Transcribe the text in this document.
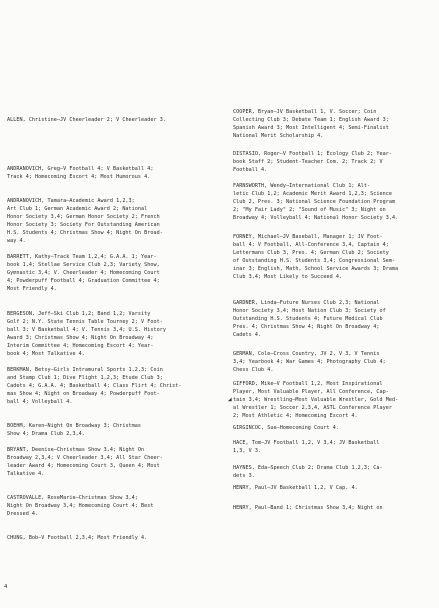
ALLEN, Christine—JV Cheerleader 2; V Cheerleader 3.
ANDRANOVICH, Greg—V Football 4; V Basketball 4;
Track 4; Homecoming Escort 4; Most Humorous 4.
ANDRANOVICH, Tamara—Academic Award 1,2,3;
Art Club 1; German Academic Award 2; National
Honor Society 3,4; German Honor Society 2; French
Honor Society 3; Society For Outstanding American
H.S. Students 4; Christmas Show 4; Night On Broad-
way 4.
BARRETT, Kathy—Track Team 1,2,4; G.A.A. 1; Year-
book 1,4; Stellae Service Club 2,3; Variety Show,
Gymnastic 3,4; V. Cheerleader 4; Homecoming Court
4; Powderpuff Football 4; Graduation Committee 4;
Most Friendly 4.
BERGESON, Jeff—Ski Club 1,2; Band 1,2; Varsity
Golf 2; N.Y. State Tennis Table Tourney 2; V Foot-
ball 3; V Basketball 4; V. Tennis 3,4; U.S. History
Award 3; Christmas Show 4; Night On Broadway 4;
Interim Committee 4; Homecoming Escort 4; Year-
book 4; Most Talkative 4.
BERKMAN, Betsy—Girls Intramural Sports 1,2,3; Coin
and Stamp Club 1; Dive Flight 1,2,3; Etude Club 3;
Cadets 4; G.A.A. 4; Basketball 4; Class Flirt 4; Christ-
mas Show 4; Night on Broadway 4; Powderpuff Foot-
ball 4; Volleyball 4.
BOEHM, Karen—Night On Broadway 3; Christmas
Show 4; Drama Club 2,3,4.
BRYANT, Deenise—Christmas Show 3,4; Night On
Broadway 2,3,4; V Cheerleader 3,4; All Star Cheer-
leader Award 4; Homecoming Court 3, Queen 4; Most
Talkative 4.
CASTROVALLE, RoseMarie—Christmas Show 3,4;
Night On Broadway 3,4; Homecoming Court 4; Best
Dressed 4.
CHUNG, Bob—V Football 2,3,4; Most Friendly 4.
COOPER, Bryan—JV Basketball 1, V. Soccer; Coin
Collecting Club 3; Debate Team 1; English Award 3;
Spanish Award 3; Most Intelligent 4; Semi-Finalist
National Merit Scholarship 4.
DISTASIO, Roger—V Football 1; Ecology Club 2; Year-
book Staff 2; Student-Teacher Com. 2; Track 2; V
Football 4.
FARNSWORTH, Wendy—International Club 1; Alt-
letic Club 1,2; Academic Merit Award 1,2,3; Science
Club 2, Pres. 3; National Science Foundation Program
2; "My Fair Lady" 2; "Sound of Music" 3; Night on
Broadway 4; Volleyball 4; National Honor Society 3,4.
FORNEY, Michael—JV Baseball, Manager 1; JV Foot-
ball 4; V Football, All-Conference 3,4, Captain 4;
Lettermans Club 3, Pres. 4; German Club 2; Society
of Outstanding H.S. Students 3,4; Congressional Sem-
inar 3; English, Math, School Service Awards 3; Drama
Club 3,4; Most Likely to Succeed 4.
GARDNER, Linda—Future Nurses Club 2,3; National
Honor Society 3,4; Host Nation Club 3; Society of
Outstanding H.S. Students 4; Future Medical Club
Pres. 4; Christmas Show 4; Night On Broadway 4;
Cadets 4.
GERMAN, Cole—Cross Country, JV 2, V 3, V Tennis
3,4; Yearbook 4; War Games 4; Photography Club 4;
Chess Club 4.
GIFFORD, Mike—V Football 1,2, Most Inspirational
Player, Most Valuable Player, All Conference, Cap-
tain 3,4; Wrestling—Most Valuable Wrestler, Gold Med-
al Wrestler 1; Soccer 2,3,4, ASTL Conference Player
2; Most Athletic 4; Homecoming Escort 4.
GIRGINCOC, Sue—Homecoming Court 4.
HACE, Tom—JV Football 1,2, V 3,4; JV Basketball
1,3, V 3.
HAYNES, Eda—Speech Club 2; Drama Club 1,2,3; Ca-
dets 3.
HENRY, Paul—JV Basketball 1,2, V Cap. 4.
HENRY, Paul—Band 1; Christmas Show 3,4; Night on
◢
4
